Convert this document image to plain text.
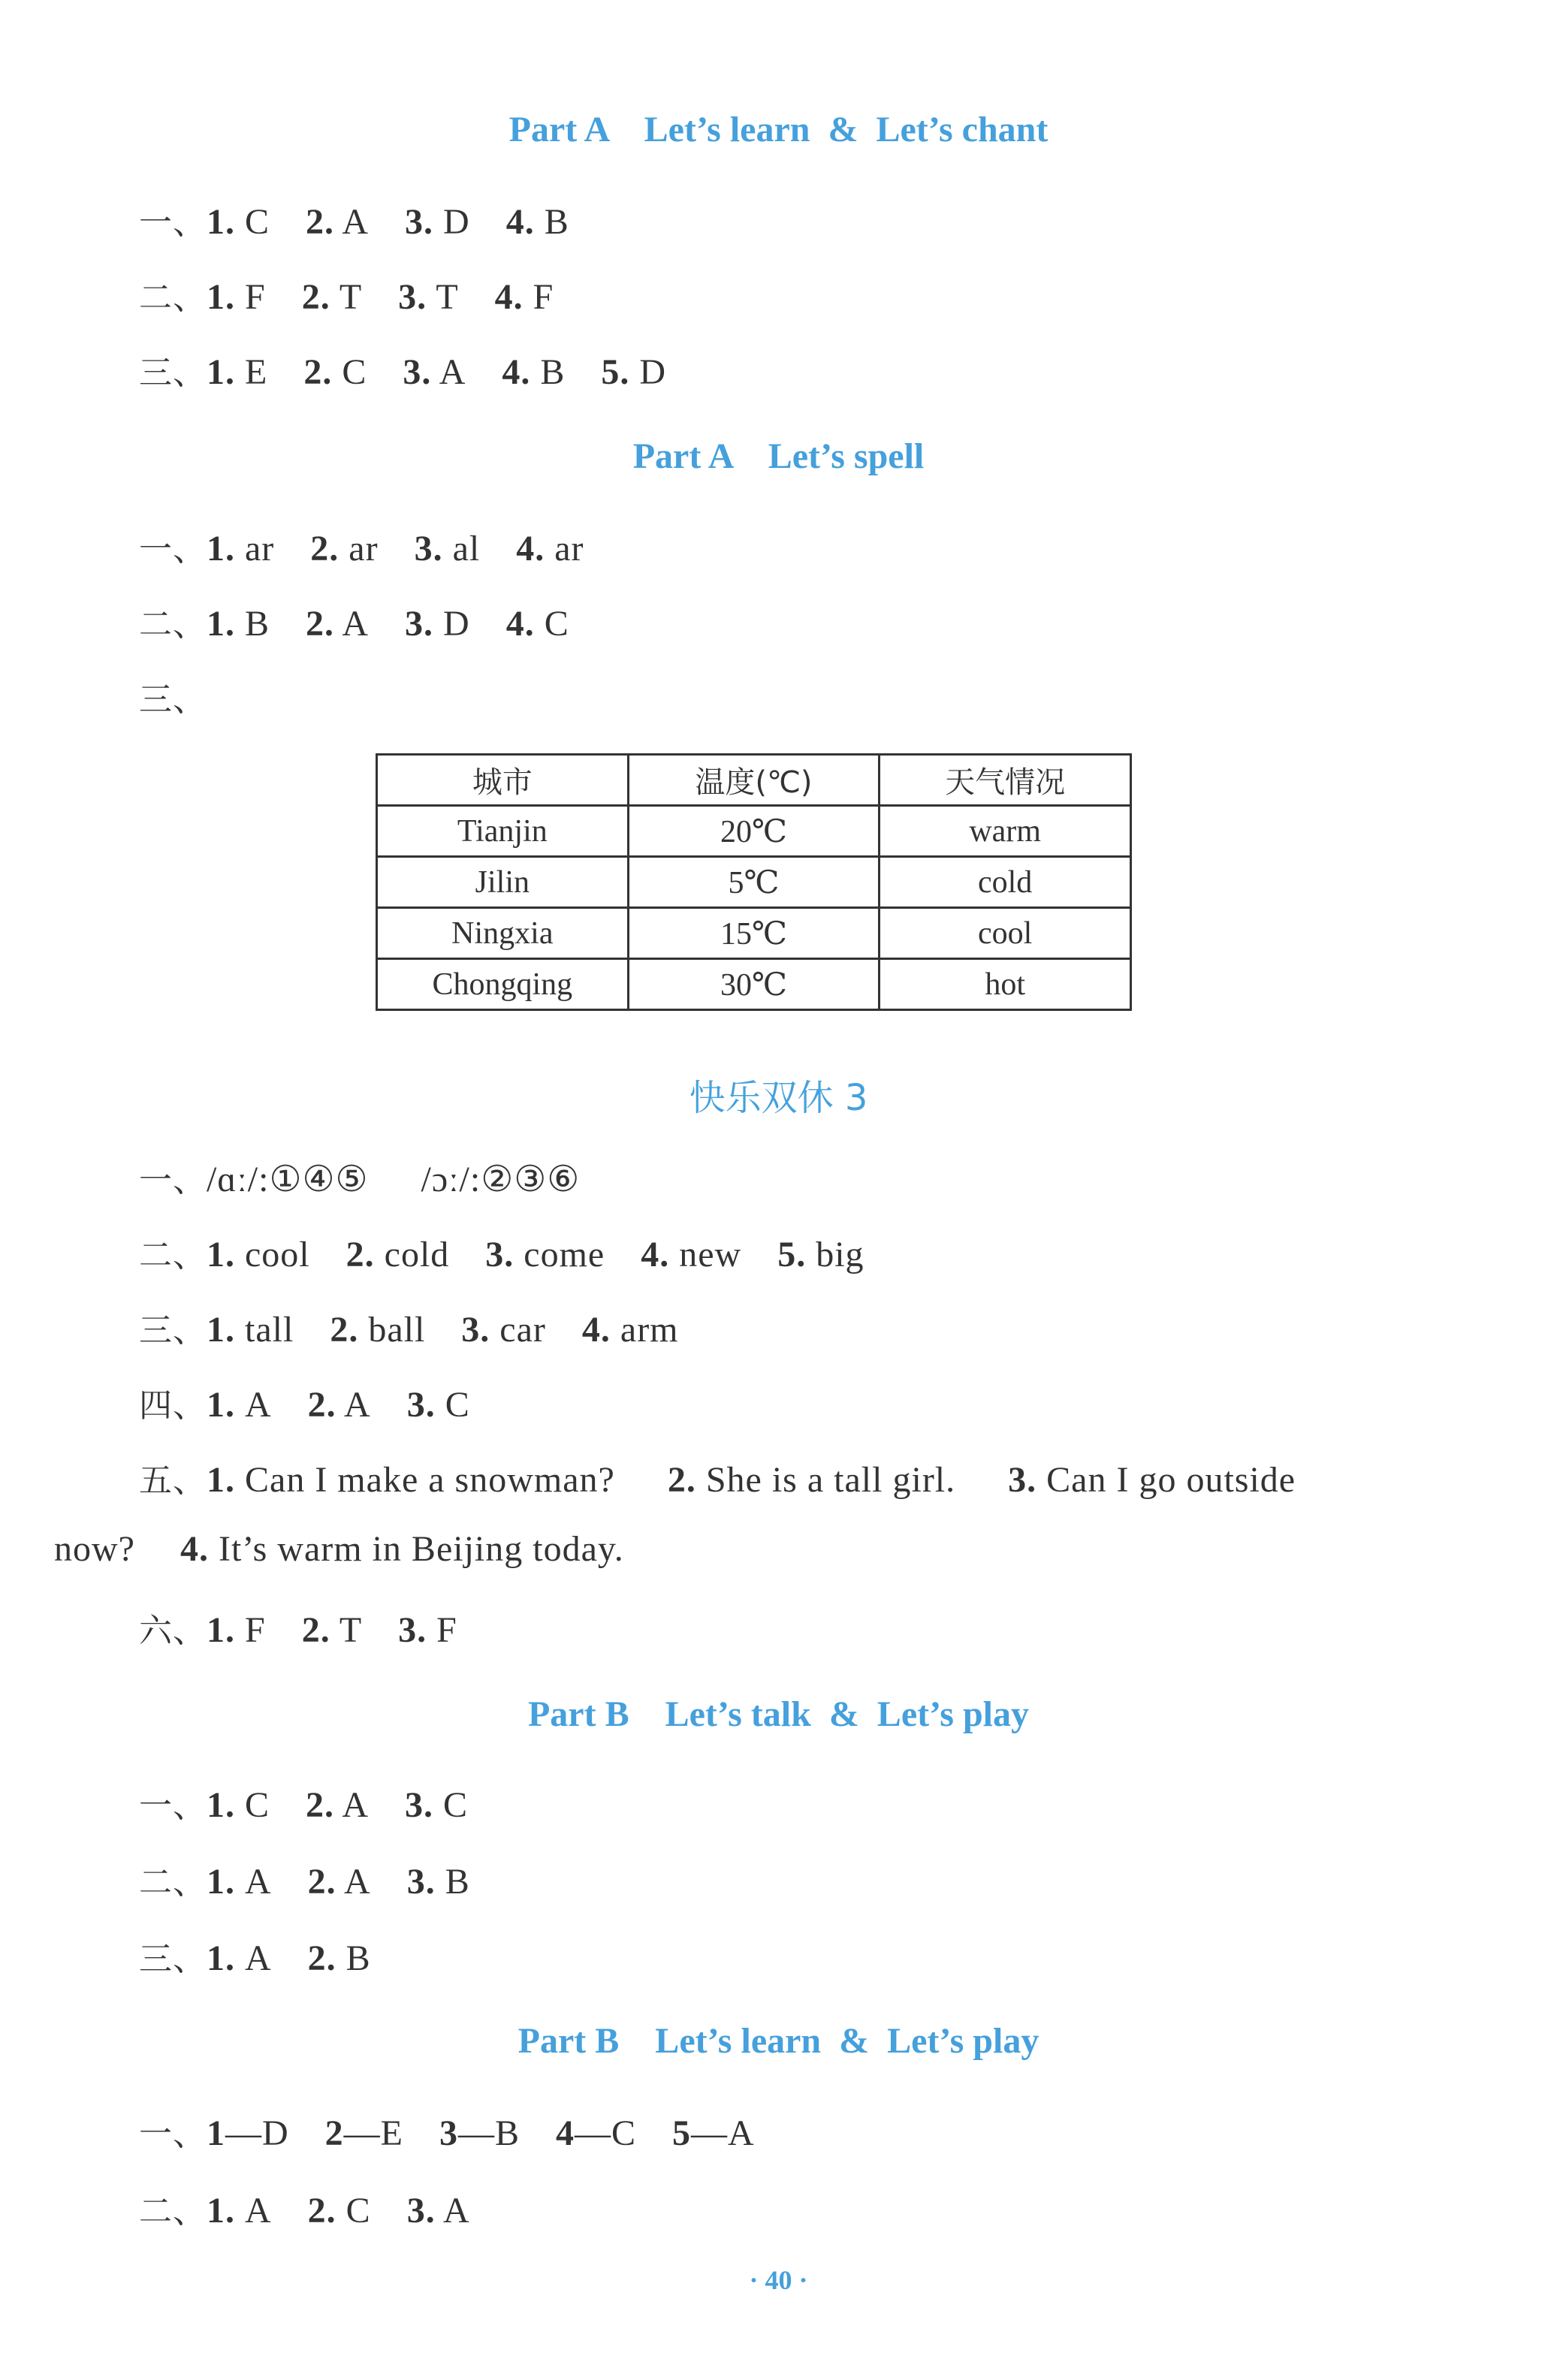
Part A    Let’s learn  &  Let’s chant
一、1. C 2. A 3. D 4. B
二、1. F 2. T 3. T 4. F
三、1. E 2. C 3. A 4. B 5. D
Part A    Let’s spell
一、1. ar 2. ar 3. al 4. ar
二、1. B 2. A 3. D 4. C
三、
城市	温度(℃)	天气情况
Tianjin	20℃	warm
Jilin	5℃	cold
Ningxia	15℃	cool
Chongqing	30℃	hot
快乐双休 3
一、/ɑː/:①④⑤ /ɔː/:②③⑥
二、1. cool 2. cold 3. come 4. new 5. big
三、1. tall 2. ball 3. car 4. arm
四、1. A 2. A 3. C
五、1. Can I make a snowman? 2. She is a tall girl. 3. Can I go outside
now? 4. It’s warm in Beijing today.
六、1. F 2. T 3. F
Part B    Let’s talk  &  Let’s play
一、1. C 2. A 3. C
二、1. A 2. A 3. B
三、1. A 2. B
Part B    Let’s learn  &  Let’s play
一、1—D 2—E 3—B 4—C 5—A
二、1. A 2. C 3. A
· 40 ·
